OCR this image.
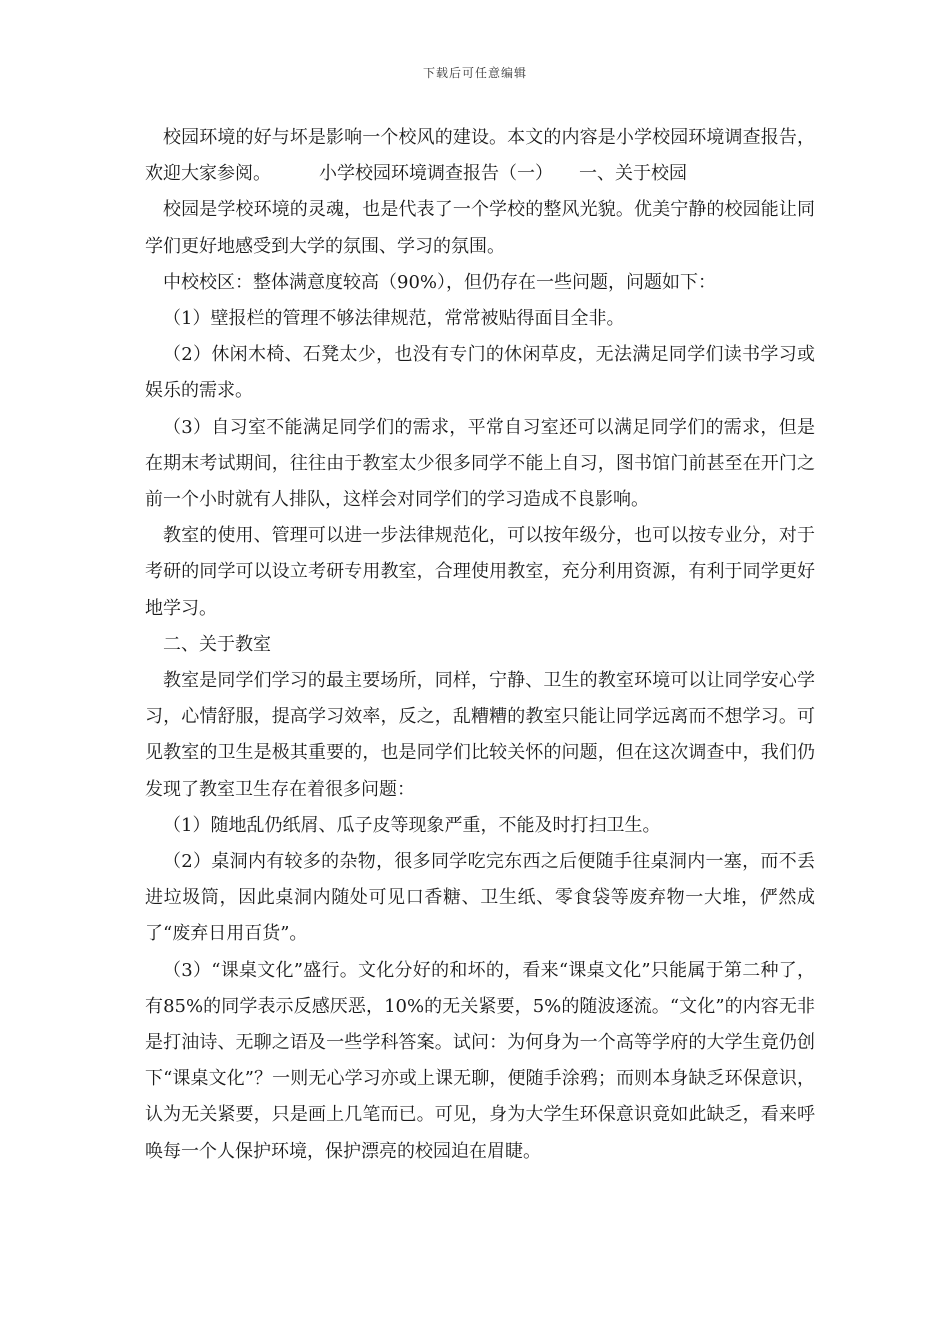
下载后可任意编辑

校园环境的好与坏是影响一个校风的建设。本文的内容是小学校园环境调查报告，欢迎大家参阅。	小学校园环境调查报告（一） 一、关于校园

校园是学校环境的灵魂，也是代表了一个学校的整风光貌。优美宁静的校园能让同学们更好地感受到大学的氛围、学习的氛围。

中校校区：整体满意度较高（90%），但仍存在一些问题，问题如下：

（1）壁报栏的管理不够法律规范，常常被贴得面目全非。

（2）休闲木椅、石凳太少，也没有专门的休闲草皮，无法满足同学们读书学习或娱乐的需求。

（3）自习室不能满足同学们的需求，平常自习室还可以满足同学们的需求，但是在期末考试期间，往往由于教室太少很多同学不能上自习，图书馆门前甚至在开门之前一个小时就有人排队，这样会对同学们的学习造成不良影响。

教室的使用、管理可以进一步法律规范化，可以按年级分，也可以按专业分，对于考研的同学可以设立考研专用教室，合理使用教室，充分利用资源，有利于同学更好地学习。

二、关于教室

教室是同学们学习的最主要场所，同样，宁静、卫生的教室环境可以让同学安心学习，心情舒服，提高学习效率，反之，乱糟糟的教室只能让同学远离而不想学习。可见教室的卫生是极其重要的，也是同学们比较关怀的问题，但在这次调查中，我们仍发现了教室卫生存在着很多问题：

（1）随地乱仍纸屑、瓜子皮等现象严重，不能及时打扫卫生。

（2）桌洞内有较多的杂物，很多同学吃完东西之后便随手往桌洞内一塞，而不丢进垃圾筒，因此桌洞内随处可见口香糖、卫生纸、零食袋等废弃物一大堆，俨然成了“废弃日用百货”。

（3）“课桌文化”盛行。文化分好的和坏的，看来“课桌文化”只能属于第二种了，有85%的同学表示反感厌恶，10%的无关紧要，5%的随波逐流。“文化”的内容无非是打油诗、无聊之语及一些学科答案。试问：为何身为一个高等学府的大学生竟仍创下“课桌文化”？一则无心学习亦或上课无聊，便随手涂鸦；而则本身缺乏环保意识，认为无关紧要，只是画上几笔而已。可见，身为大学生环保意识竟如此缺乏，看来呼唤每一个人保护环境，保护漂亮的校园迫在眉睫。
